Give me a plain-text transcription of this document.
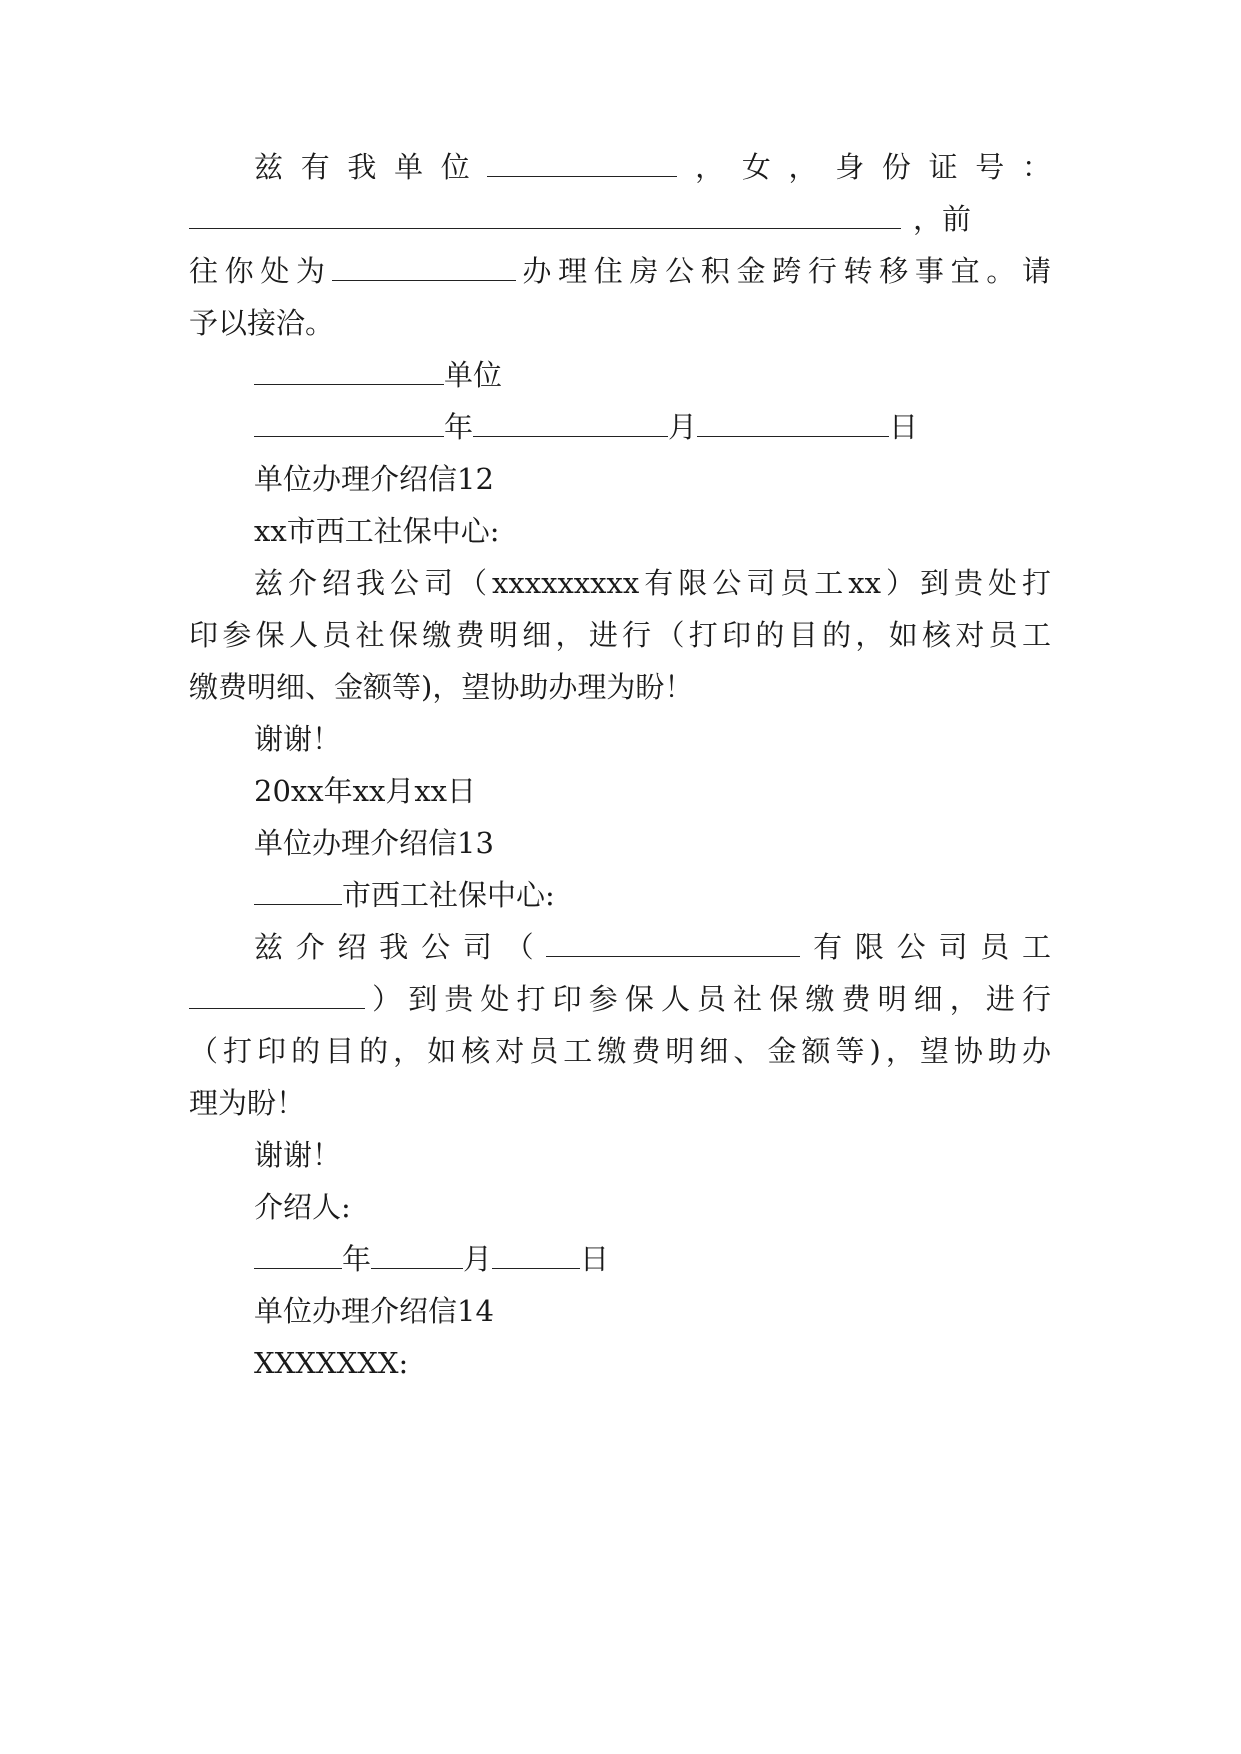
兹有我单位	，女，身份证号：
，前
往你处为	办理住房公积金跨行转移事宜。请
予以接洽。
单位
年	月	日
单位办理介绍信12
xx市西工社保中心:
兹介绍我公司（xxxxxxxxx有限公司员工xx）到贵处打
印参保人员社保缴费明细，进行（打印的目的，如核对员工
缴费明细、金额等)，望协助办理为盼！
谢谢！
20xx年xx月xx日
单位办理介绍信13
市西工社保中心:
兹介绍我公司（	有限公司员工
）到贵处打印参保人员社保缴费明细，进行
（打印的目的，如核对员工缴费明细、金额等)，望协助办
理为盼！
谢谢！
介绍人:
年	月	日
单位办理介绍信14
XXXXXXX:
